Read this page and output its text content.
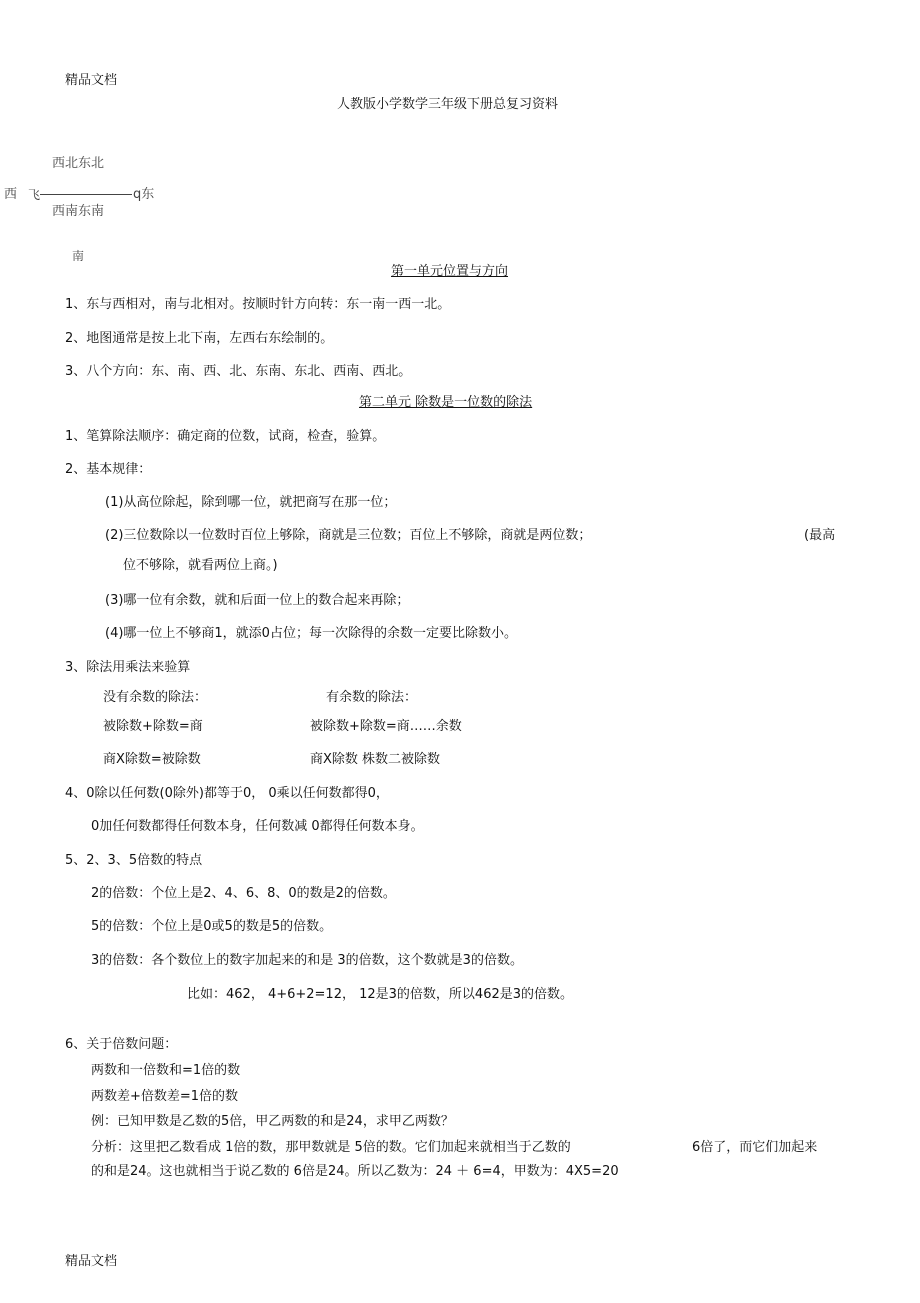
精品文档
人教版小学数学三年级下册总复习资料
西北东北
西 飞	q东
西南东南
南
第一单元位置与方向
1、东与西相对，南与北相对。按顺时针方向转：东一南一西一北。
2、地图通常是按上北下南，左西右东绘制的。
3、八个方向：东、南、西、北、东南、东北、西南、西北。
第二单元 除数是一位数的除法
1、笔算除法顺序：确定商的位数，试商，检查，验算。
2、基本规律：
(1)从高位除起，除到哪一位，就把商写在那一位；
(2)三位数除以一位数时百位上够除，商就是三位数；百位上不够除，商就是两位数；	(最高
位不够除，就看两位上商。)
(3)哪一位有余数，就和后面一位上的数合起来再除；
(4)哪一位上不够商1，就添0占位；每一次除得的余数一定要比除数小。
3、除法用乘法来验算
没有余数的除法：	有余数的除法：
被除数+除数=商	被除数+除数=商……余数
商X除数=被除数	商X除数 株数二被除数
4、0除以任何数(0除外)都等于0， 0乘以任何数都得0，
0加任何数都得任何数本身，任何数减 0都得任何数本身。
5、2、3、5倍数的特点
2的倍数：个位上是2、4、6、8、0的数是2的倍数。
5的倍数：个位上是0或5的数是5的倍数。
3的倍数：各个数位上的数字加起来的和是 3的倍数，这个数就是3的倍数。
比如：462， 4+6+2=12， 12是3的倍数，所以462是3的倍数。
6、关于倍数问题：
两数和一倍数和=1倍的数
两数差+倍数差=1倍的数
例：已知甲数是乙数的5倍，甲乙两数的和是24，求甲乙两数？
分析：这里把乙数看成 1倍的数，那甲数就是 5倍的数。它们加起来就相当于乙数的	6倍了，而它们加起来
的和是24。这也就相当于说乙数的 6倍是24。所以乙数为：24 ＋ 6=4，甲数为：4X5=20
精品文档
